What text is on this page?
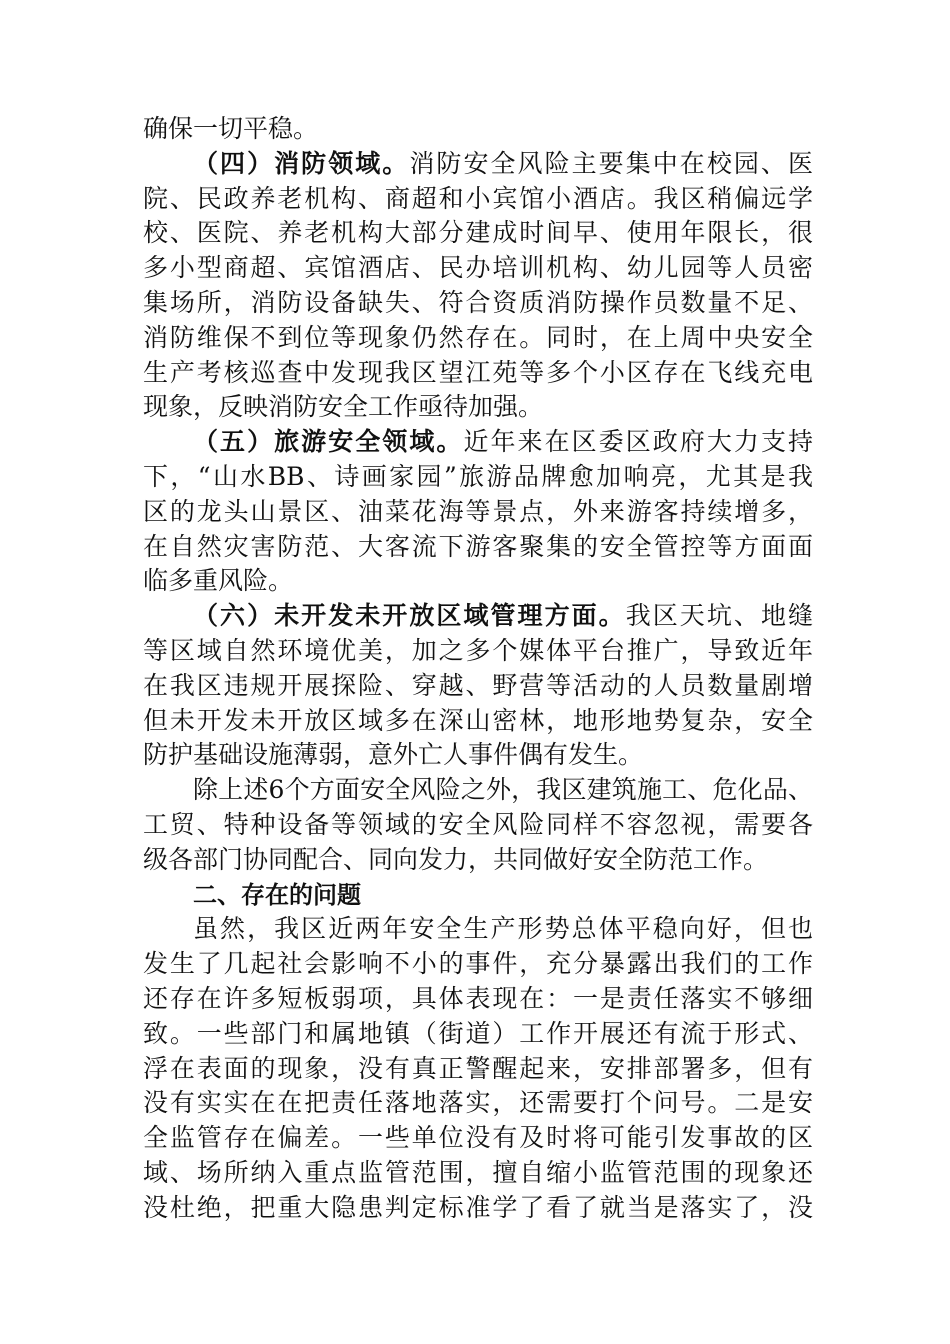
确保一切平稳。
（四）消防领域。消防安全风险主要集中在校园、医
院、民政养老机构、商超和小宾馆小酒店。我区稍偏远学
校、医院、养老机构大部分建成时间早、使用年限长，很
多小型商超、宾馆酒店、民办培训机构、幼儿园等人员密
集场所，消防设备缺失、符合资质消防操作员数量不足、
消防维保不到位等现象仍然存在。同时，在上周中央安全
生产考核巡查中发现我区望江苑等多个小区存在飞线充电
现象，反映消防安全工作亟待加强。
（五）旅游安全领域。近年来在区委区政府大力支持
下，“山水BB、诗画家园”旅游品牌愈加响亮，尤其是我
区的龙头山景区、油菜花海等景点，外来游客持续增多，
在自然灾害防范、大客流下游客聚集的安全管控等方面面
临多重风险。
（六）未开发未开放区域管理方面。我区天坑、地缝
等区域自然环境优美，加之多个媒体平台推广，导致近年
在我区违规开展探险、穿越、野营等活动的人员数量剧增
但未开发未开放区域多在深山密林，地形地势复杂，安全
防护基础设施薄弱，意外亡人事件偶有发生。
除上述6个方面安全风险之外，我区建筑施工、危化品、
工贸、特种设备等领域的安全风险同样不容忽视，需要各
级各部门协同配合、同向发力，共同做好安全防范工作。
二、存在的问题
虽然，我区近两年安全生产形势总体平稳向好，但也
发生了几起社会影响不小的事件，充分暴露出我们的工作
还存在许多短板弱项，具体表现在：一是责任落实不够细
致。一些部门和属地镇（街道）工作开展还有流于形式、
浮在表面的现象，没有真正警醒起来，安排部署多，但有
没有实实在在把责任落地落实，还需要打个问号。二是安
全监管存在偏差。一些单位没有及时将可能引发事故的区
域、场所纳入重点监管范围，擅自缩小监管范围的现象还
没杜绝，把重大隐患判定标准学了看了就当是落实了，没
